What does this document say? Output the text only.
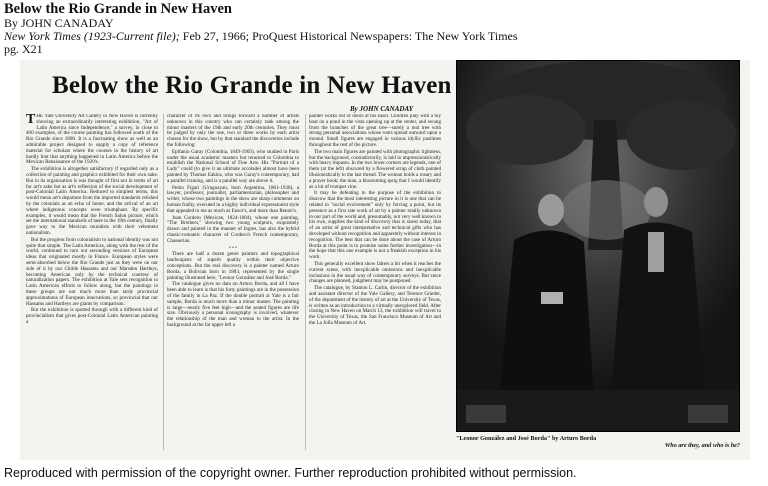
Below the Rio Grande in New Haven

By JOHN CANADAY

New York Times (1923-Current file); Feb 27, 1966; ProQuest Historical Newspapers: The New York Times

pg. X21

Below the Rio Grande in New Haven
By JOHN CANADAY

THE Yale University Art Gallery in New Haven is currently showing an extraordinarily interesting exhibition, "Art of Latin America since Independence," a survey, in close to 400 examples, of the course painting has followed south of the Rio Grande since 1800. It is a fascinating show as well as an admirable project designed to supply a copy of reference material for scholars where the courses in the history of art hardly hint that anything happened in Latin America before the Mexican Renaissance of the 1920's.

The exhibition is altogether satisfactory if regarded only as a collection of painting and graphics exhibited for their own sake. But in its organization is was thought of first not in terms of art for art's sake but as art's reflection of the social development of post-Colonial Latin America. Reduced to simplest terms, this would mean art's departure from the imported standards relished by the colonials as an echo of home, and the arrival of an art where indigenous concepts were triumphant. By specific examples, it would mean that the French Salon picture, which set the international standards of taste in the 19th century, finally gave way to the Mexican muralists with their vehement nationalism.

But the progress from colonialism to national identity was not quite that simple. The Latin Americas, along with the rest of the world, continued to turn out seconding versions of European ideas that originated mostly in France. European styles were semi-absorbed below the Rio Grande just as they were on our side of it by our Childe Hassams and our Marsden Hartleys, becoming American only by the technical courtesy of naturalization papers. The exhibition at Yale sets recognition to Latin American efforts to follow along, but the paintings in these groups are not much more than tardy provincial approximations of European innovations, so provincial that our Hassams and Hartleys are giants by comparison.

But the exhibition is spotted through with a different kind of provincialism that gives post-Colonial Latin American painting a

character of its own and brings forward a number of artists unknown in this country who can certainly rank among the minor masters of the 19th and early 20th centuries. They must be judged by only the one, two or three works by each artist chosen for the show, but by that standard the discoveries include the following:

Epifanio Garay (Colombia, 1849-1903), who studied in Paris under the usual academic masters but returned to Colombia to establish the National School of Fine Arts. His "Portrait of a Lady" could (to give it an ultimate accolade) almost have been painted by Thomas Eakins, who was Garay's contemporary, had a parallel training, and is a parallel way are above it.

Pedro Figari (Uruguayan, born Argentina, 1861-1938), a lawyer, professor, journalist, parliamentarian, philosopher and writer, whose two paintings in the show are sharp comments on human frailty, executed in a highly individual expressionist style that appealed to me as much as Ensor's, and more than Renoir's.

Juan Cordero (Mexican, 1824-1884), whose one painting, "The Brothers," showing two young sculptors, exquisitely drawn and painted in the manner of Ingres, has also the hybrid classic-romantic character of Cordero's French contemporary, Chasseriau.

• • •

There are half a dozen genre painters and topographical landscapists of superb quality within their objective conceptions. But the real discovery is a painter named Arturo Borda, a Bolivian born in 1883, represented by the single painting illustrated here, "Leonor González and José Borda."

The catalogue gives no data on Arturo Borda, and all I have been able to learn is that his forty paintings are in the possession of the family in La Paz. If the double portrait at Yale is a fair sample, Borda is much more than a minor master. The painting is large—nearly five feet high—and the seated figures are life size. Obviously a personal iconography is involved, whatever the relationship of the man and woman to the artist. In the background at the far upper left a

painter works out of doors at his easel. Children play with a toy boat on a pond in the vista opening up at the center, and swung from the branches of the great tree—surely a real tree with strong personal associations whose roots spread outward upon a mound. Small figures are engaged in various idyllic pastimes throughout the rest of the picture.

The two main figures are painted with photographic tightness, but the background, contradictorily, is laid in impressionistically with heavy impasto. In the two lower corners are legends, one of them (at the left) obscured by a flowered scrap of cloth painted illusionistically to the last thread. The woman holds a rosary and a prayer book; the man, a blossoming sprig that I would identify as a bit of trumpet vine.

It may be defeating to the purpose of the exhibition to disavow that the most interesting picture in it is one that can be related to "social evolvement" only by forcing a point, but its presence as a first rate work of art by a painter totally unknown in our part of the world and, presumably, not very well known in his own, supplies the kind of discovery that is rarest today, that of an artist of great interpretative and technical gifts who has developed without recognition and apparently without interest in recognition. The best that can be done about the case of Arturo Borda at this point is to promise some further investigation—in the hope that this one example is not a freakish exception in his work.

This generally excellent show falters a bit when it reaches the current scene, with inexplicable omissions and inexplicable inclusions in the usual way of contemporary surveys. But since changes are planned, judgment may be postponed.

The catalogue, by Stanton L. Catlin, director of the exhibition and assistant director of the Yale Gallery, and Terence Grieder, of the department of the history of art at the University of Texas, is written as an introduction to a virtually unexplored field. After closing in New Haven on March 13, the exhibition will travel to the University of Texas, the San Francisco Museum of Art and the La Jolla Museum of Art.

"Leonor González and José Borda" by Arturo Borda
Who are they, and who is he?
Reproduced with permission of the copyright owner. Further reproduction prohibited without permission.
